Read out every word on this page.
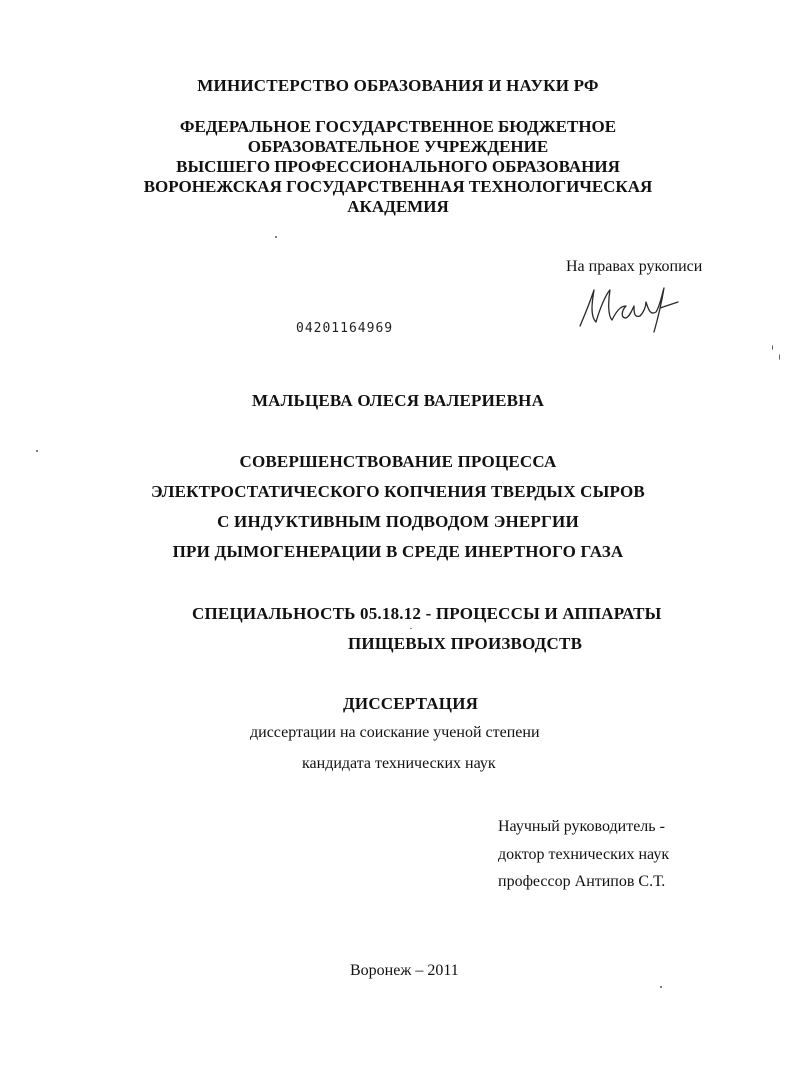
МИНИСТЕРСТВО ОБРАЗОВАНИЯ И НАУКИ РФ
ФЕДЕРАЛЬНОЕ ГОСУДАРСТВЕННОЕ БЮДЖЕТНОЕ
ОБРАЗОВАТЕЛЬНОЕ УЧРЕЖДЕНИЕ
ВЫСШЕГО ПРОФЕССИОНАЛЬНОГО ОБРАЗОВАНИЯ
ВОРОНЕЖСКАЯ ГОСУДАРСТВЕННАЯ ТЕХНОЛОГИЧЕСКАЯ
АКАДЕМИЯ
На правах рукописи
04201164969
МАЛЬЦЕВА ОЛЕСЯ ВАЛЕРИЕВНА
СОВЕРШЕНСТВОВАНИЕ ПРОЦЕССА
ЭЛЕКТРОСТАТИЧЕСКОГО КОПЧЕНИЯ ТВЕРДЫХ СЫРОВ
С ИНДУКТИВНЫМ ПОДВОДОМ ЭНЕРГИИ
ПРИ ДЫМОГЕНЕРАЦИИ В СРЕДЕ ИНЕРТНОГО ГАЗА
СПЕЦИАЛЬНОСТЬ 05.18.12 - ПРОЦЕССЫ И АППАРАТЫ
ПИЩЕВЫХ ПРОИЗВОДСТВ
ДИССЕРТАЦИЯ
диссертации на соискание ученой степени
кандидата технических наук
Научный руководитель -
доктор технических наук
профессор Антипов С.Т.
Воронеж – 2011
